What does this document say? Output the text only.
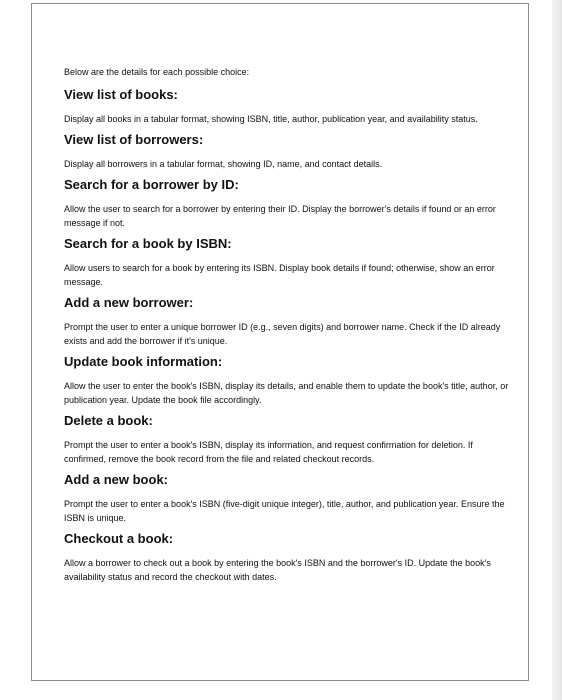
Below are the details for each possible choice:

View list of books:

Display all books in a tabular format, showing ISBN, title, author, publication year, and availability status.

View list of borrowers:

Display all borrowers in a tabular format, showing ID, name, and contact details.

Search for a borrower by ID:

Allow the user to search for a borrower by entering their ID. Display the borrower's details if found or an error message if not.

Search for a book by ISBN:

Allow users to search for a book by entering its ISBN. Display book details if found; otherwise, show an error message.

Add a new borrower:

Prompt the user to enter a unique borrower ID (e.g., seven digits) and borrower name. Check if the ID already exists and add the borrower if it's unique.

Update book information:

Allow the user to enter the book's ISBN, display its details, and enable them to update the book's title, author, or publication year. Update the book file accordingly.

Delete a book:

Prompt the user to enter a book's ISBN, display its information, and request confirmation for deletion. If confirmed, remove the book record from the file and related checkout records.

Add a new book:

Prompt the user to enter a book's ISBN (five-digit unique integer), title, author, and publication year. Ensure the ISBN is unique.

Checkout a book:

Allow a borrower to check out a book by entering the book's ISBN and the borrower's ID. Update the book's availability status and record the checkout with dates.
